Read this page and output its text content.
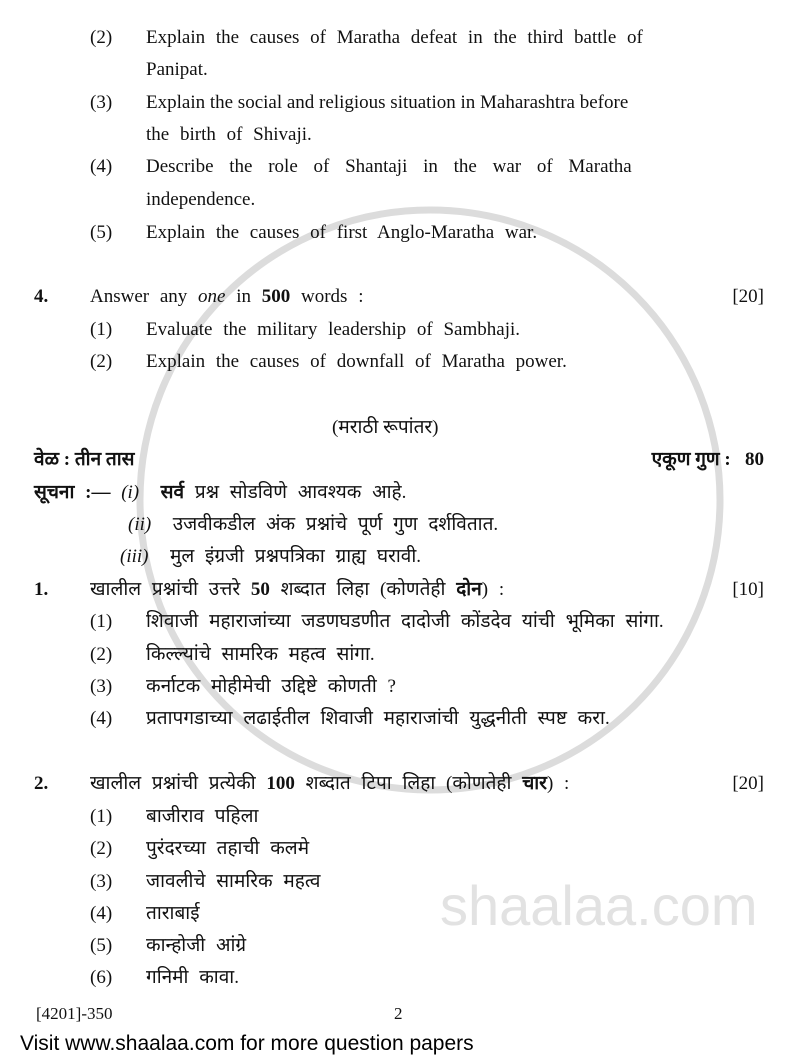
shaalaa.com
(2) Explain the causes of Maratha defeat in the third battle of
Panipat.
(3) Explain the social and religious situation in Maharashtra before
the birth of Shivaji.
(4) Describe the role of Shantaji in the war of Maratha
independence.
(5) Explain the causes of first Anglo-Maratha war.
4.	Answer any one in 500 words :	[20]
(1) Evaluate the military leadership of Sambhaji.
(2) Explain the causes of downfall of Maratha power.
(मराठी रूपांतर)
वेळ : तीन तास	एकूण गुण : 80
सूचना :— (i) सर्व प्रश्न सोडविणे आवश्यक आहे.
(ii) उजवीकडील अंक प्रश्नांचे पूर्ण गुण दर्शवितात.
(iii) मुल इंग्रजी प्रश्नपत्रिका ग्राह्य घरावी.
1.	खालील प्रश्नांची उत्तरे 50 शब्दात लिहा (कोणतेही दोन) :	[10]
(1) शिवाजी महाराजांच्या जडणघडणीत दादोजी कोंडदेव यांची भूमिका सांगा.
(2) किल्ल्यांचे सामरिक महत्व सांगा.
(3) कर्नाटक मोहीमेची उद्दिष्टे कोणती ?
(4) प्रतापगडाच्या लढाईतील शिवाजी महाराजांची युद्धनीती स्पष्ट करा.
2.	खालील प्रश्नांची प्रत्येकी 100 शब्दात टिपा लिहा (कोणतेही चार) :	[20]
(1) बाजीराव पहिला
(2) पुरंदरच्या तहाची कलमे
(3) जावलीचे सामरिक महत्व
(4) ताराबाई
(5) कान्होजी आंग्रे
(6) गनिमी कावा.
[4201]-350	2
Visit www.shaalaa.com for more question papers
